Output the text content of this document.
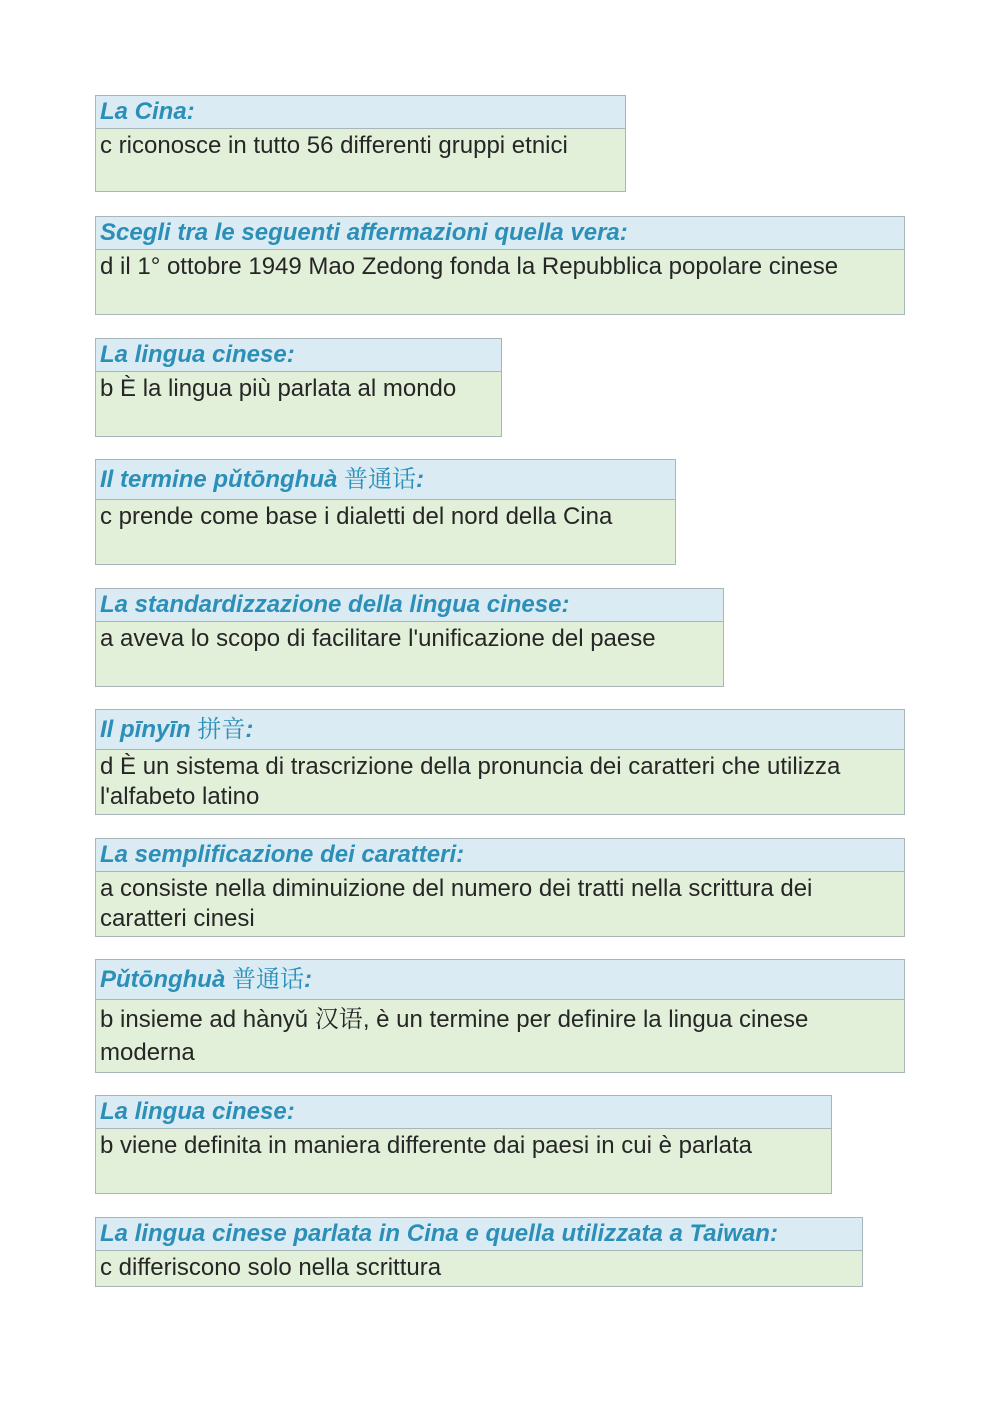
La Cina:
c riconosce in tutto 56 differenti gruppi etnici
Scegli tra le seguenti affermazioni quella vera:
d il 1° ottobre 1949 Mao Zedong fonda la Repubblica popolare cinese
La lingua cinese:
b È la lingua più parlata al mondo
Il termine pǔtōnghuà 普通话:
c prende come base i dialetti del nord della Cina
La standardizzazione della lingua cinese:
a aveva lo scopo di facilitare l'unificazione del paese
Il pīnyīn 拼音:
d È un sistema di trascrizione della pronuncia dei caratteri che utilizza l'alfabeto latino
La semplificazione dei caratteri:
a consiste nella diminuizione del numero dei tratti nella scrittura dei caratteri cinesi
Pǔtōnghuà 普通话:
b insieme ad hànyǔ 汉语, è un termine per definire la lingua cinese moderna
La lingua cinese:
b viene definita in maniera differente dai paesi in cui è parlata
La lingua cinese parlata in Cina e quella utilizzata a Taiwan:
c differiscono solo nella scrittura
